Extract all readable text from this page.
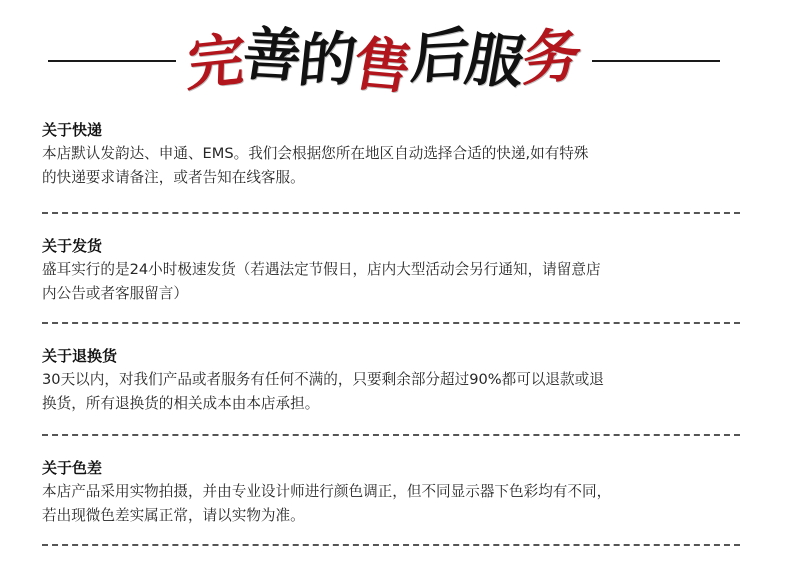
完
善
的
售
后
服
务
关于快递
本店默认发韵达、申通、EMS。我们会根据您所在地区自动选择合适的快递,如有特殊
的快递要求请备注，或者告知在线客服。
关于发货
盛耳实行的是24小时极速发货（若遇法定节假日，店内大型活动会另行通知，请留意店
内公告或者客服留言）
关于退换货
30天以内，对我们产品或者服务有任何不满的，只要剩余部分超过90%都可以退款或退
换货，所有退换货的相关成本由本店承担。
关于色差
本店产品采用实物拍摄，并由专业设计师进行颜色调正，但不同显示器下色彩均有不同，
若出现微色差实属正常，请以实物为准。
